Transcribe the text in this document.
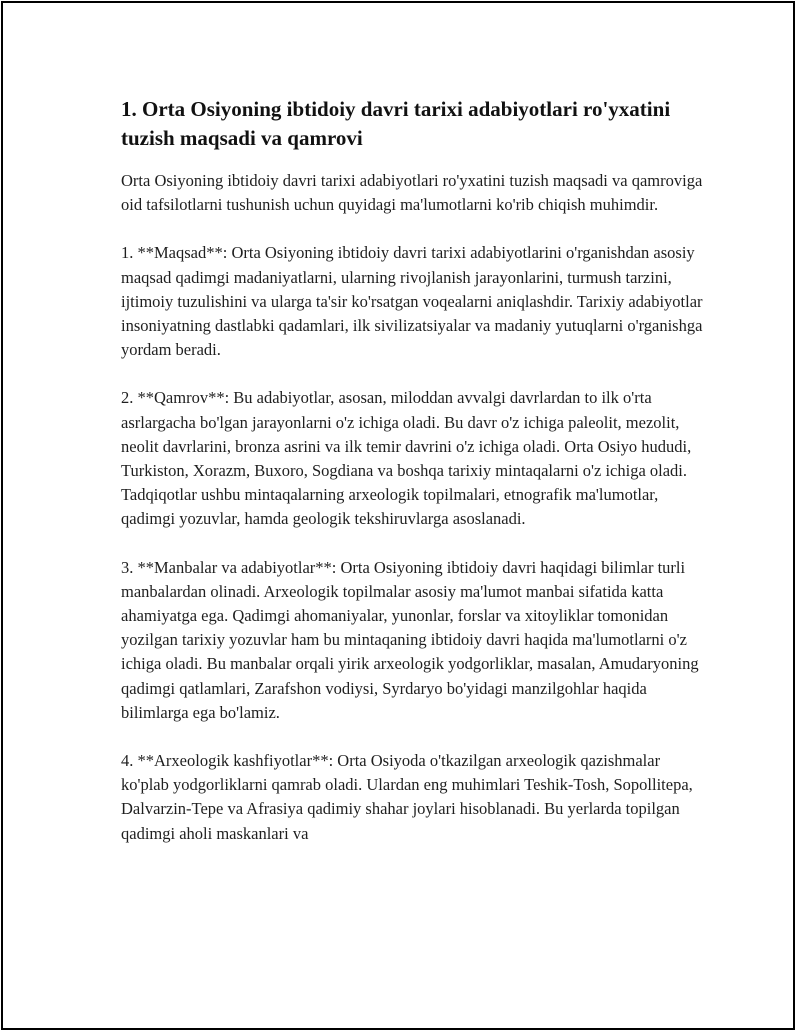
1. Orta Osiyoning ibtidoiy davri tarixi adabiyotlari ro'yxatini tuzish maqsadi va qamrovi

Orta Osiyoning ibtidoiy davri tarixi adabiyotlari ro'yxatini tuzish maqsadi va qamroviga oid tafsilotlarni tushunish uchun quyidagi ma'lumotlarni ko'rib chiqish muhimdir.

1. **Maqsad**: Orta Osiyoning ibtidoiy davri tarixi adabiyotlarini o'rganishdan asosiy maqsad qadimgi madaniyatlarni, ularning rivojlanish jarayonlarini, turmush tarzini, ijtimoiy tuzulishini va ularga ta'sir ko'rsatgan voqealarni aniqlashdir. Tarixiy adabiyotlar insoniyatning dastlabki qadamlari, ilk sivilizatsiyalar va madaniy yutuqlarni o'rganishga yordam beradi.

2. **Qamrov**: Bu adabiyotlar, asosan, miloddan avvalgi davrlardan to ilk o'rta asrlargacha bo'lgan jarayonlarni o'z ichiga oladi. Bu davr o'z ichiga paleolit, mezolit, neolit davrlarini, bronza asrini va ilk temir davrini o'z ichiga oladi. Orta Osiyo hududi, Turkiston, Xorazm, Buxoro, Sogdiana va boshqa tarixiy mintaqalarni o'z ichiga oladi. Tadqiqotlar ushbu mintaqalarning arxeologik topilmalari, etnografik ma'lumotlar, qadimgi yozuvlar, hamda geologik tekshiruvlarga asoslanadi.

3. **Manbalar va adabiyotlar**: Orta Osiyoning ibtidoiy davri haqidagi bilimlar turli manbalardan olinadi. Arxeologik topilmalar asosiy ma'lumot manbai sifatida katta ahamiyatga ega. Qadimgi ahomaniyalar, yunonlar, forslar va xitoyliklar tomonidan yozilgan tarixiy yozuvlar ham bu mintaqaning ibtidoiy davri haqida ma'lumotlarni o'z ichiga oladi. Bu manbalar orqali yirik arxeologik yodgorliklar, masalan, Amudaryoning qadimgi qatlamlari, Zarafshon vodiysi, Syrdaryo bo'yidagi manzilgohlar haqida bilimlarga ega bo'lamiz.

4. **Arxeologik kashfiyotlar**: Orta Osiyoda o'tkazilgan arxeologik qazishmalar ko'plab yodgorliklarni qamrab oladi. Ulardan eng muhimlari Teshik-Tosh, Sopollitepa, Dalvarzin-Tepe va Afrasiya qadimiy shahar joylari hisoblanadi. Bu yerlarda topilgan qadimgi aholi maskanlari va
